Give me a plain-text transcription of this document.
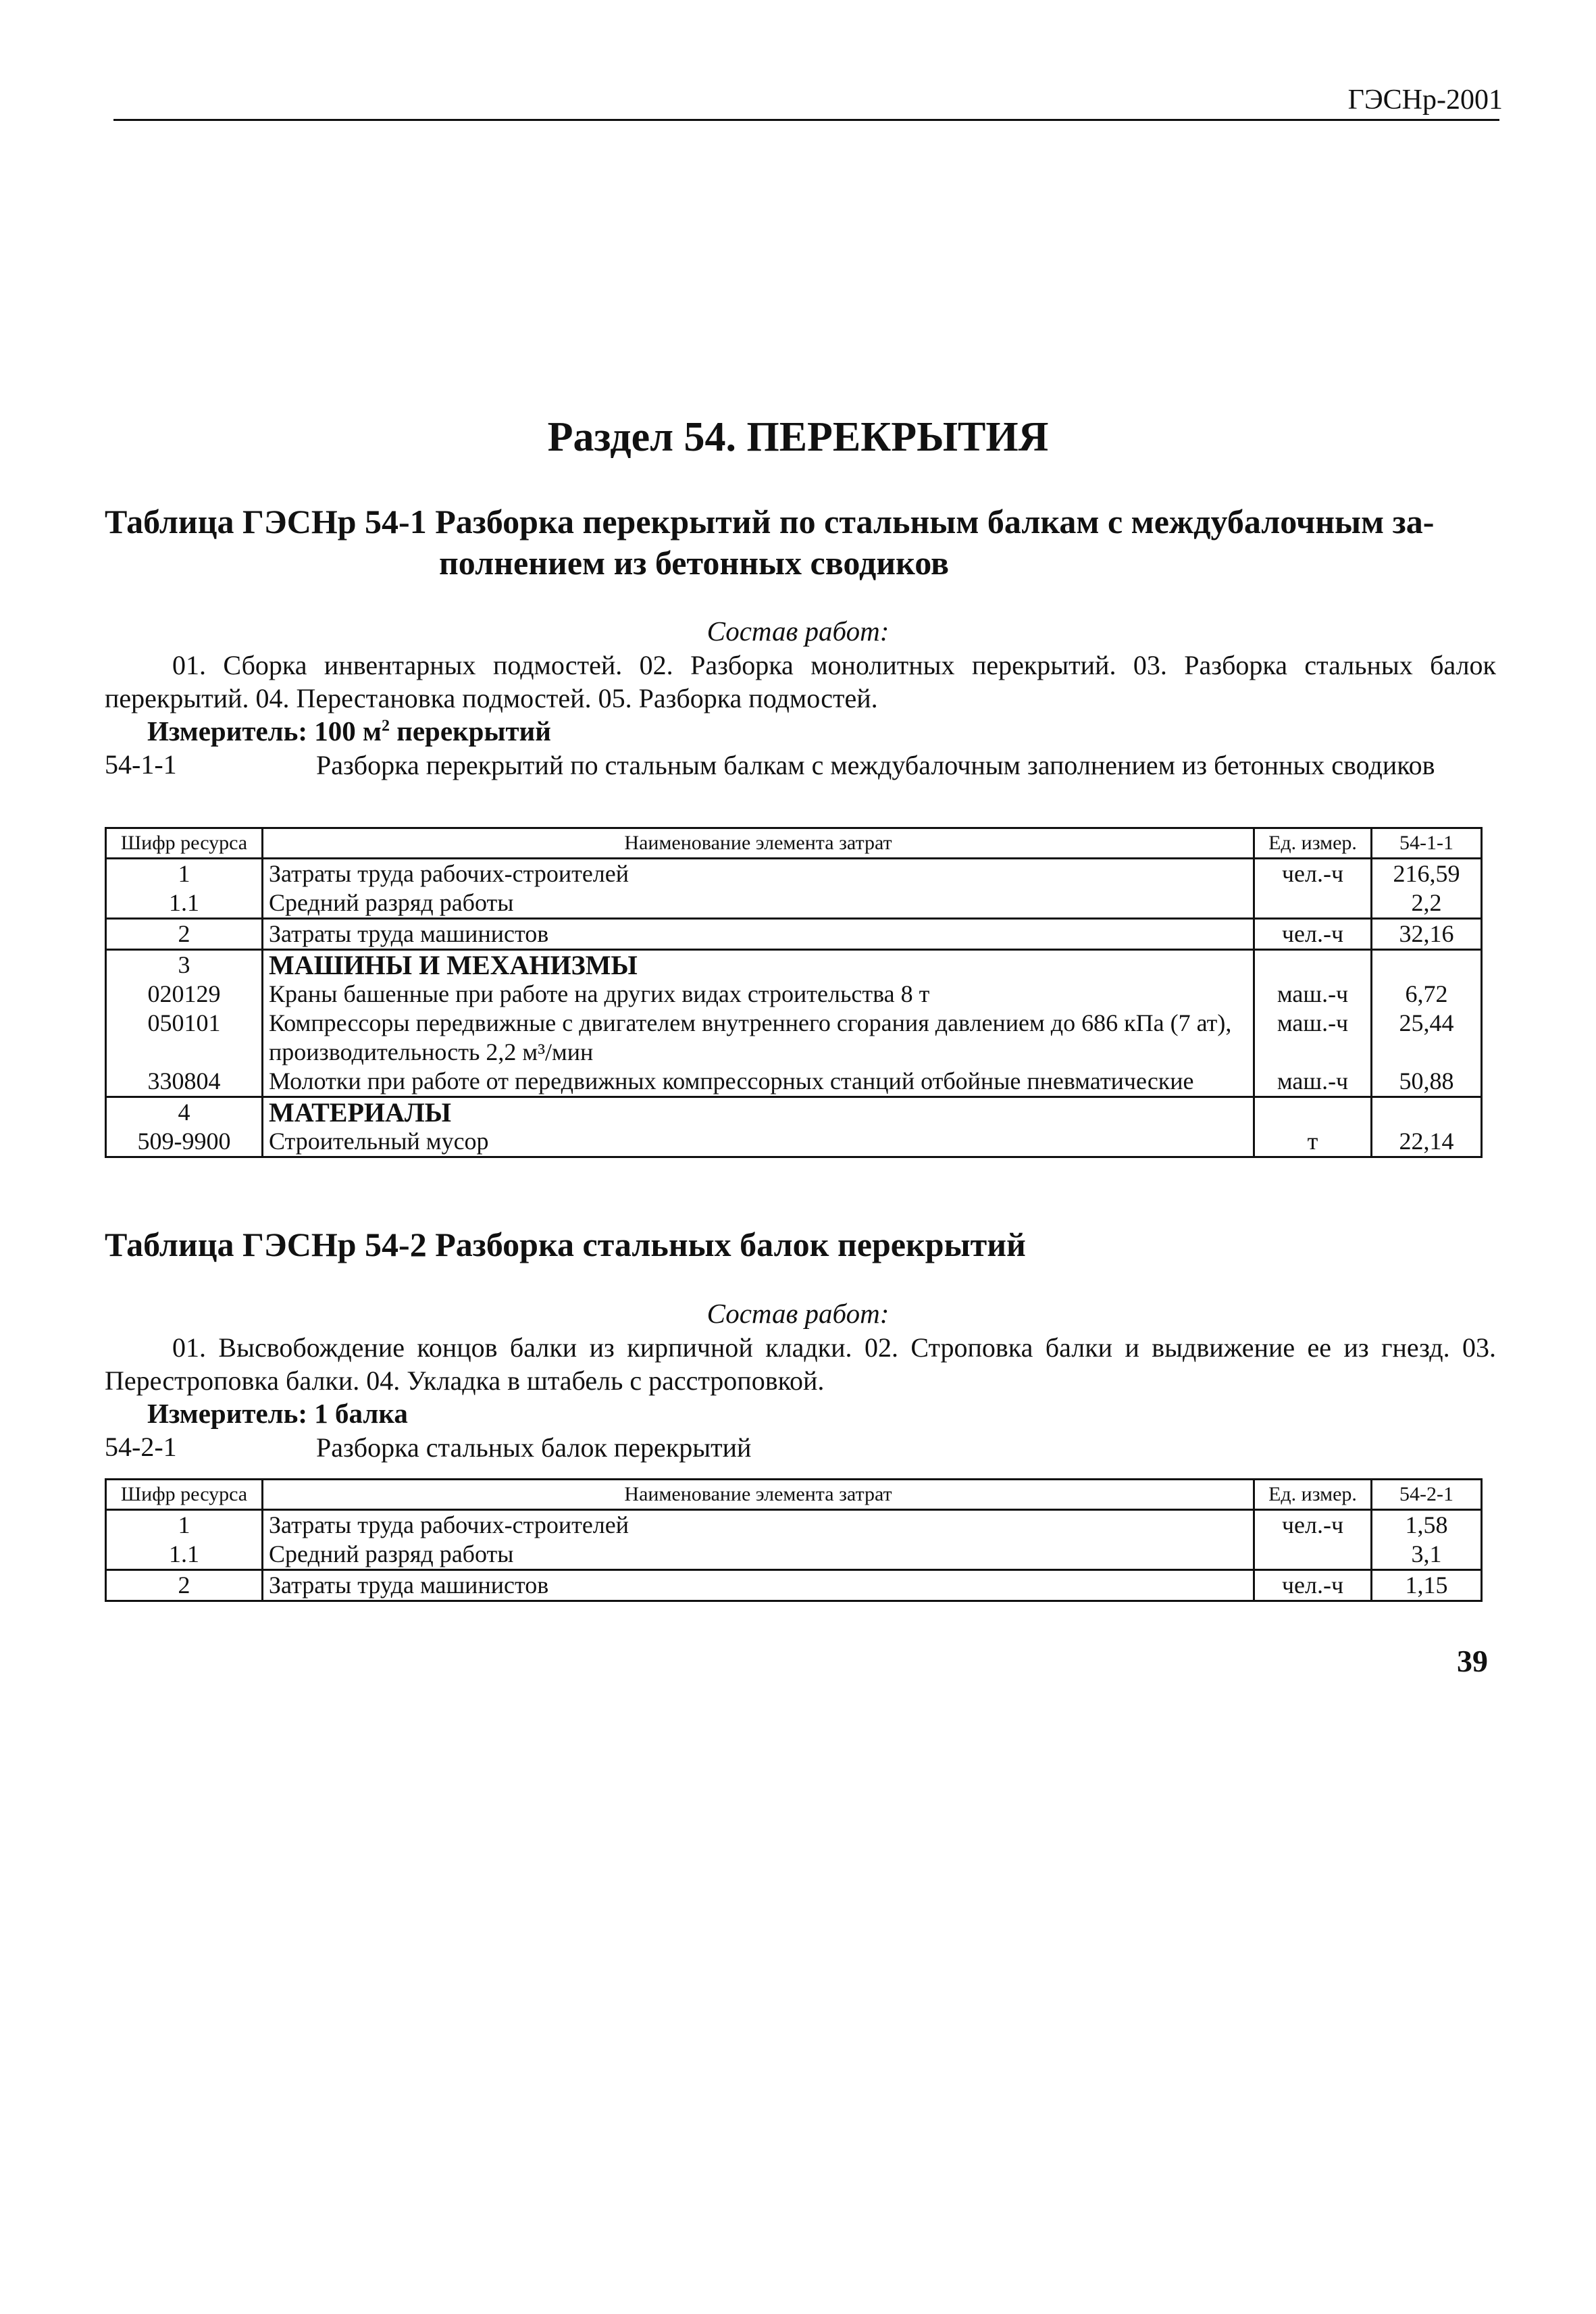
ГЭСНр-2001
Раздел 54. ПЕРЕКРЫТИЯ
Таблица ГЭСНр 54-1 Разборка перекрытий по стальным балкам с междубалочным за-
полнением из бетонных сводиков
Состав работ:
01. Сборка инвентарных подмостей. 02. Разборка монолитных перекрытий. 03. Разборка стальных балок перекрытий. 04. Перестановка подмостей. 05. Разборка подмостей.
Измеритель: 100 $м^2$ перекрытий
54-1-1	Разборка перекрытий по стальным балкам с междубалочным заполнением из бетонных сводиков
Шифр ресурса	Наименование элемента затрат	Ед. измер.	54-1-1
1	Затраты труда рабочих-строителей	чел.-ч	216,59
1.1	Средний разряд работы		2,2
2	Затраты труда машинистов	чел.-ч	32,16
3	МАШИНЫ И МЕХАНИЗМЫ		
020129	Краны башенные при работе на других видах строительства 8 т	маш.-ч	6,72
050101	Компрессоры передвижные с двигателем внутреннего сгорания давлением до 686 кПа (7 ат), производительность 2,2 м³/мин	маш.-ч	25,44
330804	Молотки при работе от передвижных компрессорных станций отбойные пневматические	маш.-ч	50,88
4	МАТЕРИАЛЫ		
509-9900	Строительный мусор	т	22,14
Таблица ГЭСНр 54-2 Разборка стальных балок перекрытий
Состав работ:
01. Высвобождение концов балки из кирпичной кладки. 02. Строповка балки и выдвижение ее из гнезд. 03. Перестроповка балки. 04. Укладка в штабель с расстроповкой.
Измеритель: 1 балка
54-2-1	Разборка стальных балок перекрытий
Шифр ресурса	Наименование элемента затрат	Ед. измер.	54-2-1
1	Затраты труда рабочих-строителей	чел.-ч	1,58
1.1	Средний разряд работы		3,1
2	Затраты труда машинистов	чел.-ч	1,15
39
